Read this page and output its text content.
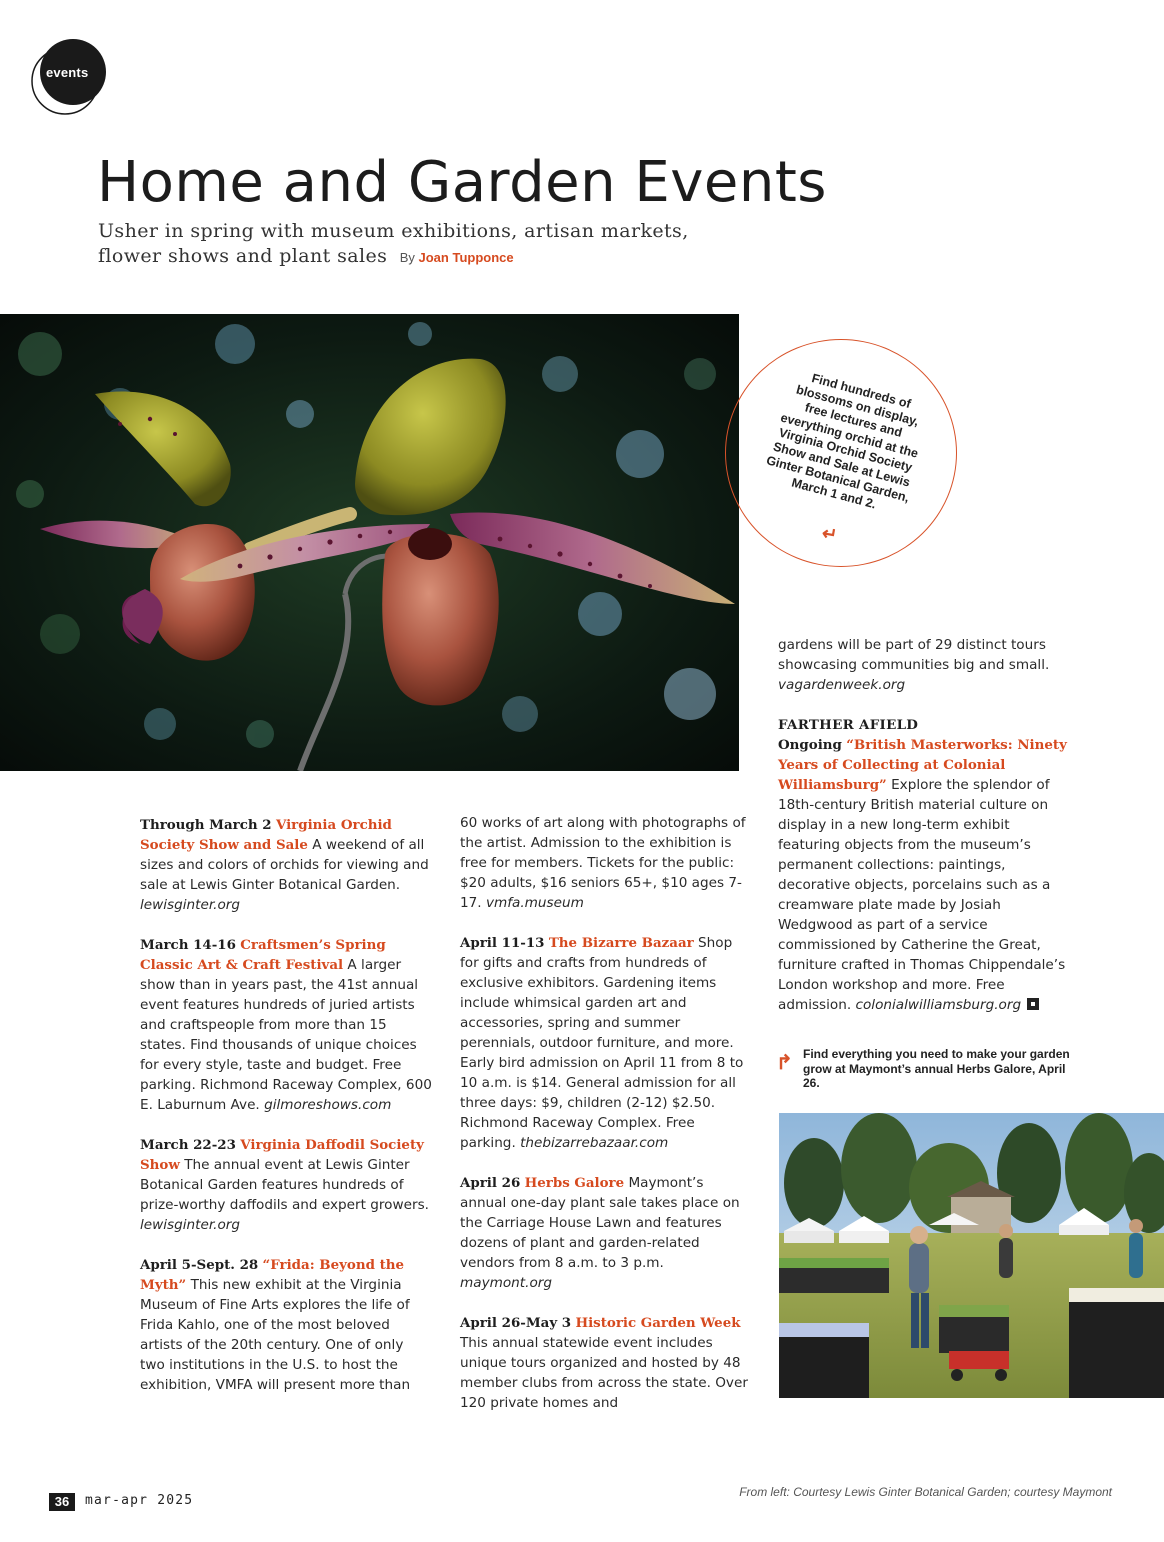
events
Home and Garden Events
Usher in spring with museum exhibitions, artisan markets, flower shows and plant sales By Joan Tupponce
Find hundreds of blossoms on display, free lectures and everything orchid at the Virginia Orchid Society Show and Sale at Lewis Ginter Botanical Garden, March 1 and 2.
↵

Through March 2 Virginia Orchid Society Show and Sale A weekend of all sizes and colors of orchids for viewing and sale at Lewis Ginter Botanical Garden. lewisginter.org

March 14-16 Craftsmen’s Spring Classic Art & Craft Festival A larger show than in years past, the 41st annual event features hundreds of juried artists and craftspeople from more than 15 states. Find thousands of unique choices for every style, taste and budget. Free parking. Richmond Raceway Complex, 600 E. Laburnum Ave. gilmoreshows.com

March 22-23 Virginia Daffodil Society Show The annual event at Lewis Ginter Botanical Garden features hundreds of prize-worthy daffodils and expert growers. lewisginter.org

April 5-Sept. 28 “Frida: Beyond the Myth” This new exhibit at the Virginia Museum of Fine Arts explores the life of Frida Kahlo, one of the most beloved artists of the 20th century. One of only two institutions in the U.S. to host the exhibition, VMFA will present more than

60 works of art along with photographs of the artist. Admission to the exhibition is free for members. Tickets for the public: $20 adults, $16 seniors 65+, $10 ages 7-17. vmfa.museum

April 11-13 The Bizarre Bazaar Shop for gifts and crafts from hundreds of exclusive exhibitors. Gardening items include whimsical garden art and accessories, spring and summer perennials, outdoor furniture, and more. Early bird admission on April 11 from 8 to 10 a.m. is $14. General admission for all three days: $9, children (2-12) $2.50. Richmond Raceway Complex. Free parking. thebizarrebazaar.com

April 26 Herbs Galore Maymont’s annual one-day plant sale takes place on the Carriage House Lawn and features dozens of plant and garden-related vendors from 8 a.m. to 3 p.m. maymont.org

April 26-May 3 Historic Garden Week This annual statewide event includes unique tours organized and hosted by 48 member clubs from across the state. Over 120 private homes and

gardens will be part of 29 distinct tours showcasing communities big and small. vagardenweek.org

FARTHER AFIELD
Ongoing “British Masterworks: Ninety Years of Collecting at Colonial Williamsburg” Explore the splendor of 18th-century British material culture on display in a new long-term exhibit featuring objects from the museum’s permanent collections: paintings, decorative objects, porcelains such as a creamware plate made by Josiah Wedgwood as part of a service commissioned by Catherine the Great, furniture crafted in Thomas Chippendale’s London workshop and more. Free admission. colonialwilliamsburg.org

↱ Find everything you need to make your garden grow at Maymont’s annual Herbs Galore, April 26.
36	mar-apr 2025
From left: Courtesy Lewis Ginter Botanical Garden; courtesy Maymont
